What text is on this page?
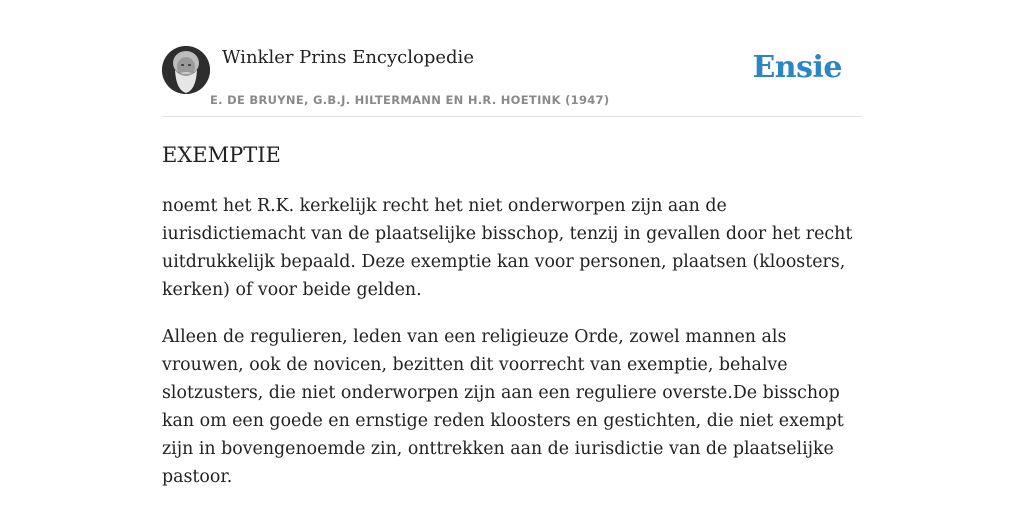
Winkler Prins Encyclopedie
E. DE BRUYNE, G.B.J. HILTERMANN EN H.R. HOETINK (1947)
Ensie
EXEMPTIE

noemt het R.K. kerkelijk recht het niet onderworpen zijn aan de iurisdictiemacht van de plaatselijke bisschop, tenzij in gevallen door het recht uitdrukkelijk bepaald. Deze exemptie kan voor personen, plaatsen (kloosters, kerken) of voor beide gelden.

Alleen de regulieren, leden van een religieuze Orde, zowel mannen als vrouwen, ook de novicen, bezitten dit voorrecht van exemptie, behalve slotzusters, die niet onderworpen zijn aan een reguliere overste.De bisschop kan om een goede en ernstige reden kloosters en gestichten, die niet exempt zijn in bovengenoemde zin, onttrekken aan de iurisdictie van de plaatselijke pastoor.
